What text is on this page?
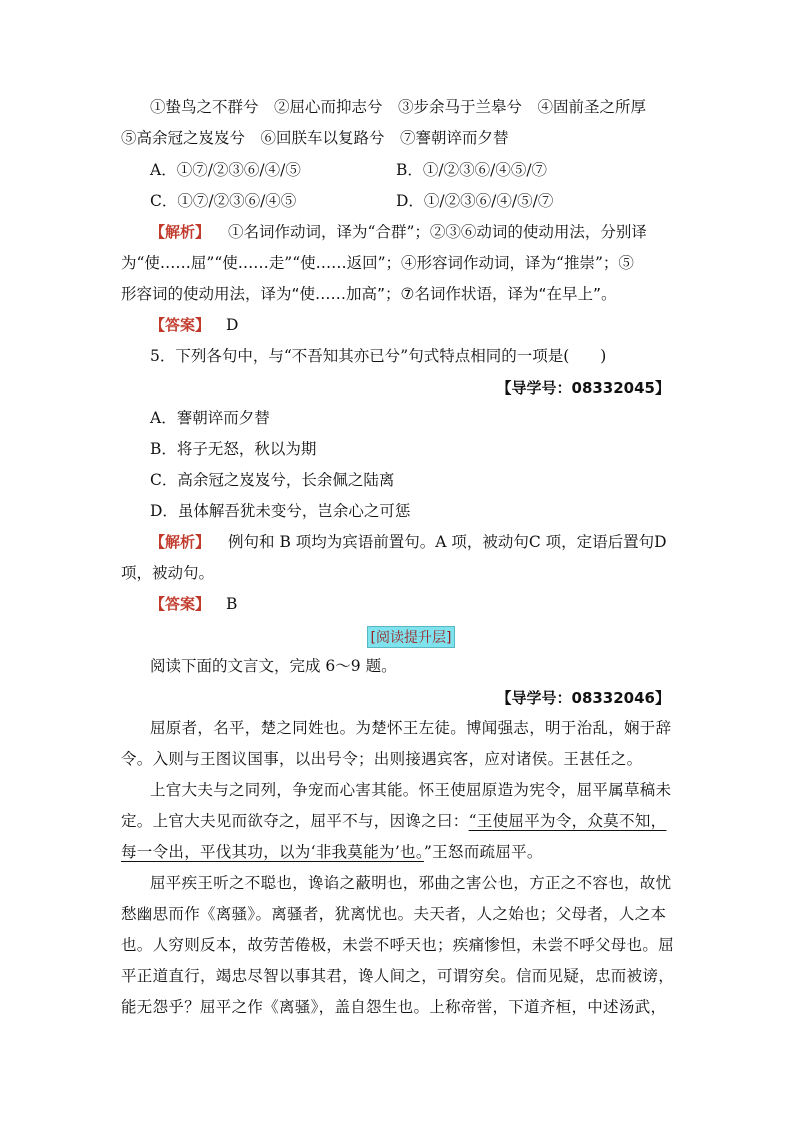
①蛰鸟之不群兮　②屈心而抑志兮　③步余马于兰皋兮　④固前圣之所厚
⑤高余冠之岌岌兮　⑥回朕车以复路兮　⑦謇朝谇而夕替
A．①⑦/②③⑥/④/⑤	B．①/②③⑥/④⑤/⑦
C．①⑦/②③⑥/④⑤	D．①/②③⑥/④/⑤/⑦
【解析】 ①名词作动词，译为“合群”；②③⑥动词的使动用法，分别译
为“使……屈”“使……走”“使……返回”；④形容词作动词，译为“推崇”；⑤
形容词的使动用法，译为“使……加高”；⑦名词作状语，译为“在早上”。
【答案】 D
5．下列各句中，与“不吾知其亦已兮”句式特点相同的一项是(　　)
【导学号：08332045】
A．謇朝谇而夕替
B．将子无怒，秋以为期
C．高余冠之岌岌兮，长余佩之陆离
D．虽体解吾犹未变兮，岂余心之可惩
【解析】 例句和 B 项均为宾语前置句。A 项，被动句C 项，定语后置句D
项，被动句。
【答案】 B
[阅读提升层]
阅读下面的文言文，完成 6～9 题。
【导学号：08332046】
屈原者，名平，楚之同姓也。为楚怀王左徒。博闻强志，明于治乱，娴于辞
令。入则与王图议国事，以出号令；出则接遇宾客，应对诸侯。王甚任之。
上官大夫与之同列，争宠而心害其能。怀王使屈原造为宪令，屈平属草稿未
定。上官大夫见而欲夺之，屈平不与，因谗之曰：“王使屈平为令，众莫不知，
每一令出，平伐其功，以为‘非我莫能为’也。”王怒而疏屈平。
屈平疾王听之不聪也，谗谄之蔽明也，邪曲之害公也，方正之不容也，故忧
愁幽思而作《离骚》。离骚者，犹离忧也。夫天者，人之始也；父母者，人之本
也。人穷则反本，故劳苦倦极，未尝不呼天也；疾痛惨怛，未尝不呼父母也。屈
平正道直行，竭忠尽智以事其君，谗人间之，可谓穷矣。信而见疑，忠而被谤，
能无怨乎？屈平之作《离骚》，盖自怨生也。上称帝喾，下道齐桓，中述汤武，
